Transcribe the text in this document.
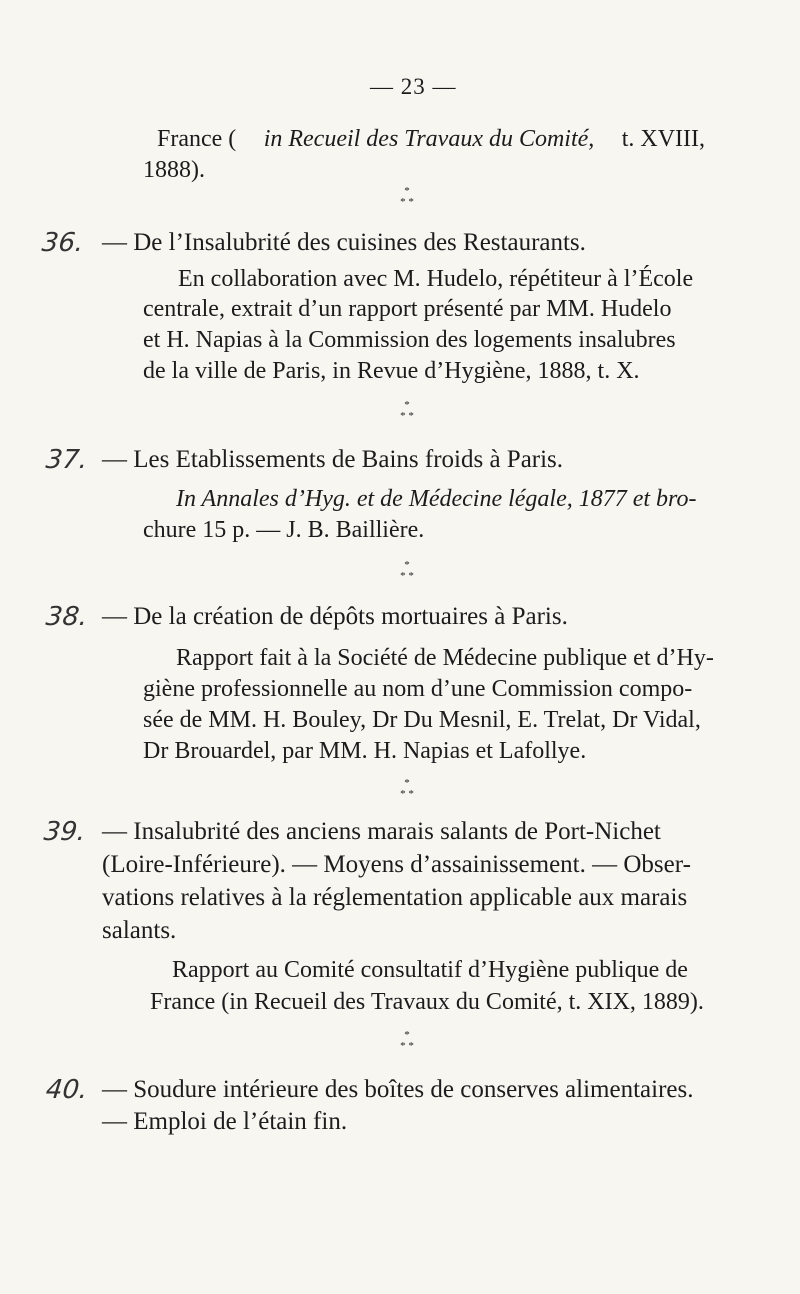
— 23 —
France ( in Recueil des Travaux du Comité, t. XVIII,
1888).
*
* *
36. — De l’Insalubrité des cuisines des Restaurants.
En collaboration avec M. Hudelo, répétiteur à l’École
centrale, extrait d’un rapport présenté par MM. Hudelo
et H. Napias à la Commission des logements insalubres
de la ville de Paris, in Revue d’Hygiène, 1888, t. X.
*
* *
37. — Les Etablissements de Bains froids à Paris.
In Annales d’Hyg. et de Médecine légale, 1877 et bro-
chure 15 p. — J. B. Baillière.
*
* *
38. — De la création de dépôts mortuaires à Paris.
Rapport fait à la Société de Médecine publique et d’Hy-
giène professionnelle au nom d’une Commission compo-
sée de MM. H. Bouley, Dr Du Mesnil, E. Trelat, Dr Vidal,
Dr Brouardel, par MM. H. Napias et Lafollye.
*
* *
39. — Insalubrité des anciens marais salants de Port-Nichet
(Loire-Inférieure). — Moyens d’assainissement. — Obser-
vations relatives à la réglementation applicable aux marais
salants.
Rapport au Comité consultatif d’Hygiène publique de
France (in Recueil des Travaux du Comité, t. XIX, 1889).
*
* *
40. — Soudure intérieure des boîtes de conserves alimentaires.
— Emploi de l’étain fin.
